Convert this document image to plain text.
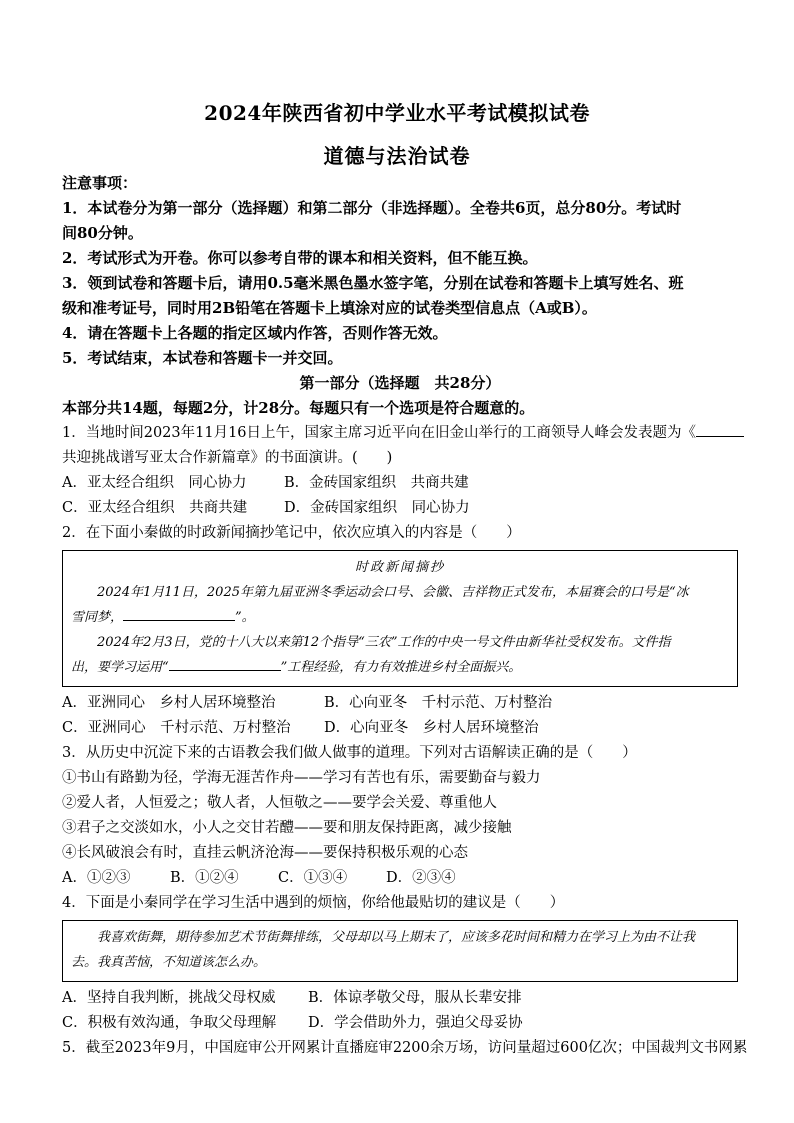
2024年陕西省初中学业水平考试模拟试卷
道德与法治试卷
注意事项：
1．本试卷分为第一部分（选择题）和第二部分（非选择题）。全卷共6页，总分80分。考试时
间80分钟。
2．考试形式为开卷。你可以参考自带的课本和相关资料，但不能互换。
3．领到试卷和答题卡后，请用0.5毫米黑色墨水签字笔，分别在试卷和答题卡上填写姓名、班
级和准考证号，同时用2B铅笔在答题卡上填涂对应的试卷类型信息点（A或B）。
4．请在答题卡上各题的指定区域内作答，否则作答无效。
5．考试结束，本试卷和答题卡一并交回。
第一部分（选择题　共28分）
本部分共14题，每题2分，计28分。每题只有一个选项是符合题意的。
1．当地时间2023年11月16日上午，国家主席习近平向在旧金山举行的工商领导人峰会发表题为《
共迎挑战谱写亚太合作新篇章》的书面演讲。(　　)
A．亚太经合组织　同心协力	B．金砖国家组织　共商共建
C．亚太经合组织　共商共建	D．金砖国家组织　同心协力
2．在下面小秦做的时政新闻摘抄笔记中，依次应填入的内容是（　　）
时政新闻摘抄
2024年1月11日，2025年第九届亚洲冬季运动会口号、会徽、吉祥物正式发布，本届赛会的口号是“冰
雪同梦，	”。
2024年2月3日，党的十八大以来第12个指导“三农”工作的中央一号文件由新华社受权发布。文件指
出，要学习运用“	”工程经验，有力有效推进乡村全面振兴。
A．亚洲同心　乡村人居环境整治	B．心向亚冬　千村示范、万村整治
C．亚洲同心　千村示范、万村整治 D．心向亚冬　乡村人居环境整治
3．从历史中沉淀下来的古语教会我们做人做事的道理。下列对古语解读正确的是（　　）
①书山有路勤为径，学海无涯苦作舟——学习有苦也有乐，需要勤奋与毅力
②爱人者，人恒爱之；敬人者，人恒敬之——要学会关爱、尊重他人
③君子之交淡如水，小人之交甘若醴——要和朋友保持距离，减少接触
④长风破浪会有时，直挂云帆济沧海——要保持积极乐观的心态
A．①②③	B．①②④	C．①③④	D．②③④
4．下面是小秦同学在学习生活中遇到的烦恼，你给他最贴切的建议是（　　）
我喜欢街舞，期待参加艺术节街舞排练，父母却以马上期末了，应该多花时间和精力在学习上为由不让我
去。我真苦恼，不知道该怎么办。
A．坚持自我判断，挑战父母权威 B．体谅孝敬父母，服从长辈安排
C．积极有效沟通，争取父母理解 D．学会借助外力，强迫父母妥协
5．截至2023年9月，中国庭审公开网累计直播庭审2200余万场，访问量超过600亿次；中国裁判文书网累
